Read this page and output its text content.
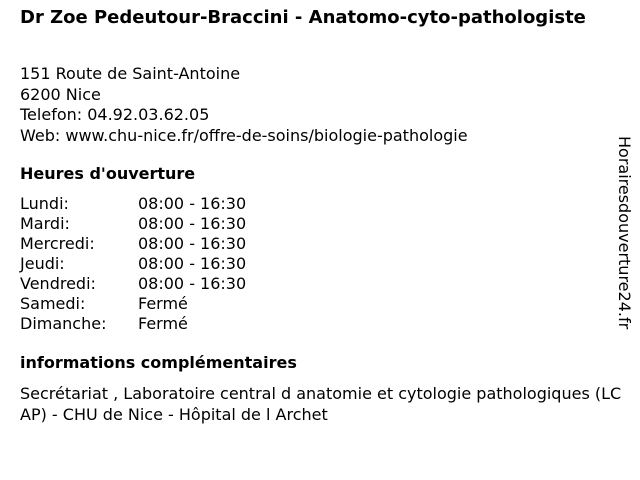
Dr Zoe Pedeutour-Braccini - Anatomo-cyto-pathologiste
151 Route de Saint-Antoine
6200 Nice
Telefon: 04.92.03.62.05
Web: www.chu-nice.fr/offre-de-soins/biologie-pathologie
Heures d'ouverture
Lundi:	08:00 - 16:30
Mardi:	08:00 - 16:30
Mercredi:	08:00 - 16:30
Jeudi:	08:00 - 16:30
Vendredi:	08:00 - 16:30
Samedi:	Fermé
Dimanche:	Fermé
informations complémentaires
Secrétariat , Laboratoire central d anatomie et cytologie pathologiques (LCAP) - CHU de Nice - Hôpital de l Archet
Horairesdouverture24.fr
